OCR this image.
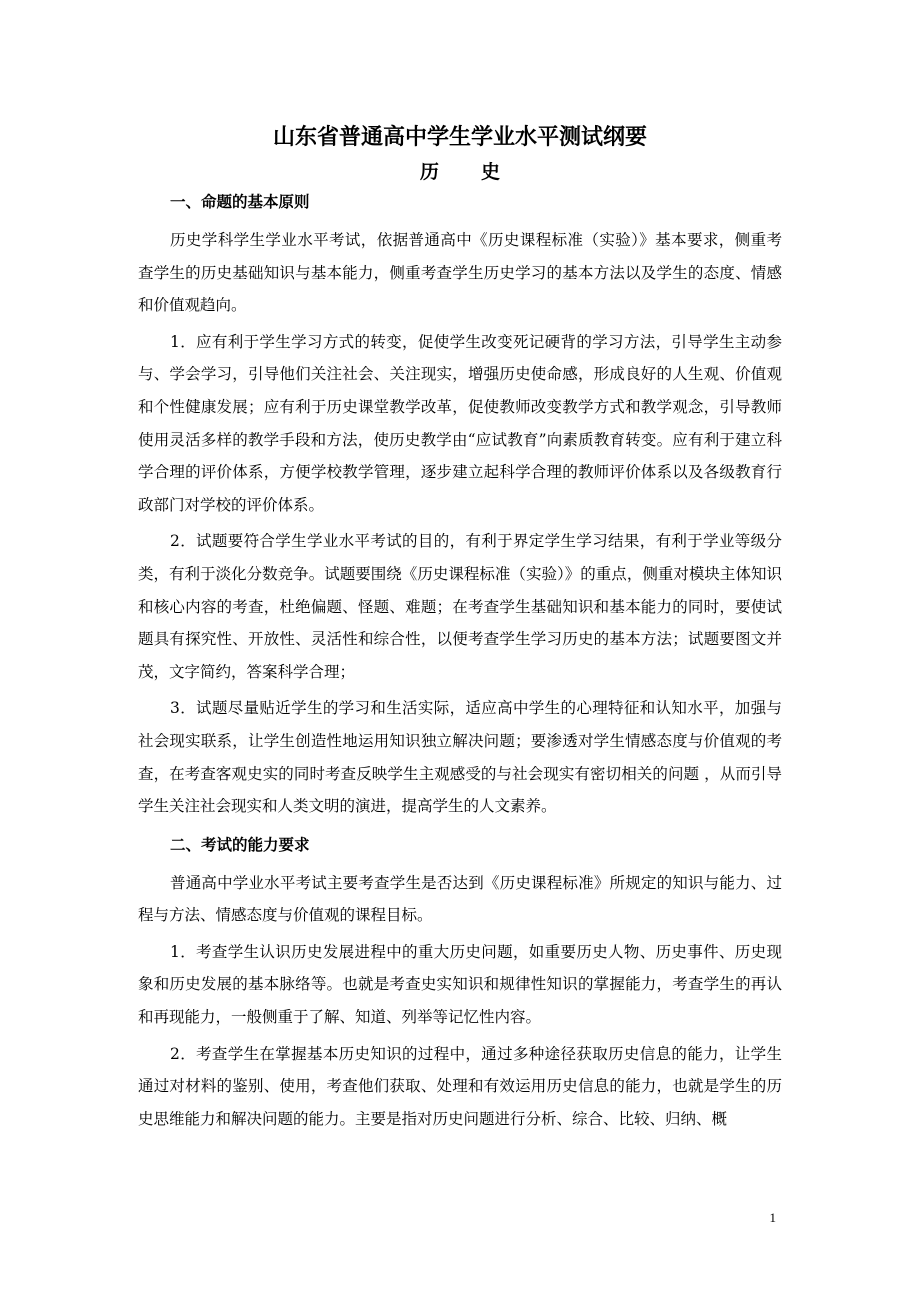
山东省普通高中学生学业水平测试纲要
历 史
一、命题的基本原则

历史学科学生学业水平考试，依据普通高中《历史课程标准（实验）》基本要求，侧重考查学生的历史基础知识与基本能力，侧重考查学生历史学习的基本方法以及学生的态度、情感和价值观趋向。

1．应有利于学生学习方式的转变，促使学生改变死记硬背的学习方法，引导学生主动参与、学会学习，引导他们关注社会、关注现实，增强历史使命感，形成良好的人生观、价值观和个性健康发展；应有利于历史课堂教学改革，促使教师改变教学方式和教学观念，引导教师使用灵活多样的教学手段和方法，使历史教学由“应试教育”向素质教育转变。应有利于建立科学合理的评价体系，方便学校教学管理，逐步建立起科学合理的教师评价体系以及各级教育行政部门对学校的评价体系。

2．试题要符合学生学业水平考试的目的，有利于界定学生学习结果，有利于学业等级分类，有利于淡化分数竞争。试题要围绕《历史课程标准（实验）》的重点，侧重对模块主体知识和核心内容的考查，杜绝偏题、怪题、难题；在考查学生基础知识和基本能力的同时，要使试题具有探究性、开放性、灵活性和综合性，以便考查学生学习历史的基本方法；试题要图文并茂，文字简约，答案科学合理；

3．试题尽量贴近学生的学习和生活实际，适应高中学生的心理特征和认知水平，加强与社会现实联系，让学生创造性地运用知识独立解决问题；要渗透对学生情感态度与价值观的考查，在考查客观史实的同时考查反映学生主观感受的与社会现实有密切相关的问题 ，从而引导学生关注社会现实和人类文明的演进，提高学生的人文素养。

二、考试的能力要求

普通高中学业水平考试主要考查学生是否达到《历史课程标准》所规定的知识与能力、过程与方法、情感态度与价值观的课程目标。

1．考查学生认识历史发展进程中的重大历史问题，如重要历史人物、历史事件、历史现象和历史发展的基本脉络等。也就是考查史实知识和规律性知识的掌握能力，考查学生的再认和再现能力，一般侧重于了解、知道、列举等记忆性内容。

2．考查学生在掌握基本历史知识的过程中，通过多种途径获取历史信息的能力，让学生通过对材料的鉴别、使用，考查他们获取、处理和有效运用历史信息的能力，也就是学生的历史思维能力和解决问题的能力。主要是指对历史问题进行分析、综合、比较、归纳、概

1
